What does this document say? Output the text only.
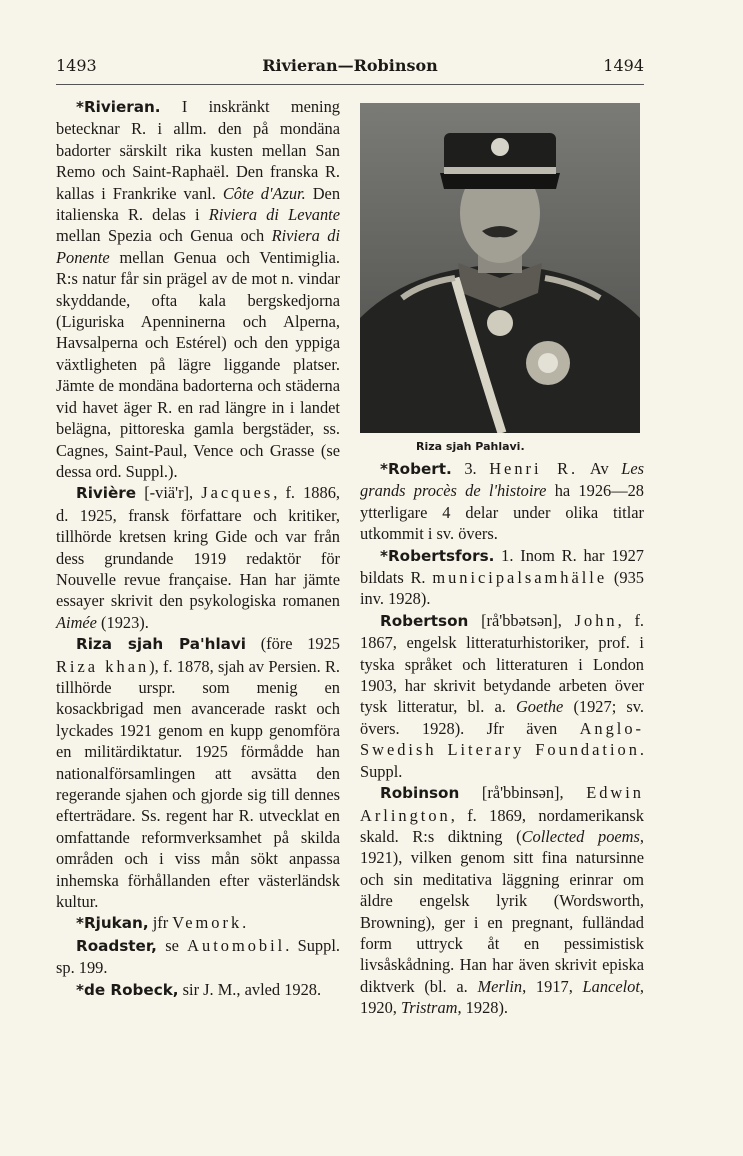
Rivieran—Robinson
1493	1494

*Rivieran. I inskränkt mening betecknar R. i allm. den på mondäna badorter särskilt rika kusten mellan San Remo och Saint-Raphaël. Den franska R. kallas i Frankrike vanl. Côte d'Azur. Den italienska R. delas i Riviera di Levante mellan Spezia och Genua och Riviera di Ponente mellan Genua och Ventimiglia. R:s natur får sin prägel av de mot n. vindar skyddande, ofta kala bergskedjorna (Liguriska Apenninerna och Alperna, Havsalperna och Estérel) och den yppiga växtligheten på lägre liggande platser. Jämte de mondäna badorterna och städerna vid havet äger R. en rad längre in i landet belägna, pittoreska gamla bergstäder, ss. Cagnes, Saint-Paul, Vence och Grasse (se dessa ord. Suppl.).

Rivière [-viä'r], Jacques, f. 1886, d. 1925, fransk författare och kritiker, tillhörde kretsen kring Gide och var från dess grundande 1919 redaktör för Nouvelle revue française. Han har jämte essayer skrivit den psykologiska romanen Aimée (1923).

Riza sjah Pa'hlavi (före 1925 Riza khan), f. 1878, sjah av Persien. R. tillhörde urspr. som menig en kosackbrigad men avancerade raskt och lyckades 1921 genom en kupp genomföra en militärdiktatur. 1925 förmådde han nationalförsamlingen att avsätta den regerande sjahen och gjorde sig till dennes efterträdare. Ss. regent har R. utvecklat en omfattande reformverksamhet på skilda områden och i viss mån sökt anpassa inhemska förhållanden efter västerländsk kultur.

*Rjukan, jfr Vemork.

Roadster, se Automobil. Suppl. sp. 199.

*de Robeck, sir J. M., avled 1928.

Riza sjah Pahlavi.

*Robert. 3. Henri R. Av Les grands procès de l'histoire ha 1926—28 ytterligare 4 delar under olika titlar utkommit i sv. övers.

*Robertsfors. 1. Inom R. har 1927 bildats R. municipalsamhälle (935 inv. 1928).

Robertson [rå'bbətsən], John, f. 1867, engelsk litteraturhistoriker, prof. i tyska språket och litteraturen i London 1903, har skrivit betydande arbeten över tysk litteratur, bl. a. Goethe (1927; sv. övers. 1928). Jfr även Anglo-Swedish Literary Foundation. Suppl.

Robinson [rå'bbinsən], Edwin Arlington, f. 1869, nordamerikansk skald. R:s diktning (Collected poems, 1921), vilken genom sitt fina natursinne och sin meditativa läggning erinrar om äldre engelsk lyrik (Wordsworth, Browning), ger i en pregnant, fulländad form uttryck åt en pessimistisk livsåskådning. Han har även skrivit episka diktverk (bl. a. Merlin, 1917, Lancelot, 1920, Tristram, 1928).
